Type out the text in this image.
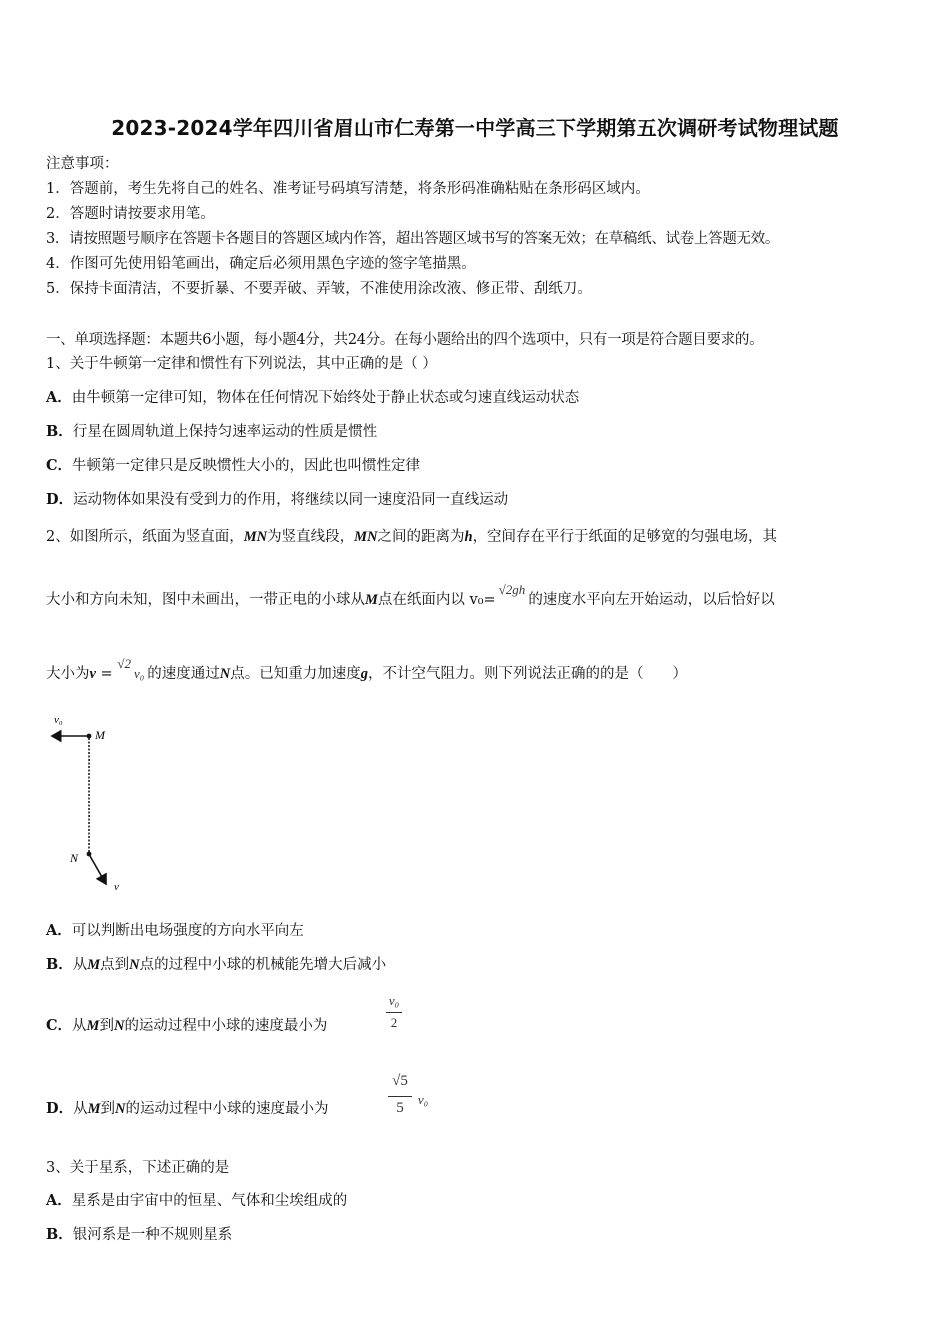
2023-2024学年四川省眉山市仁寿第一中学高三下学期第五次调研考试物理试题
注意事项：
1．答题前，考生先将自己的姓名、准考证号码填写清楚，将条形码准确粘贴在条形码区域内。
2．答题时请按要求用笔。
3．请按照题号顺序在答题卡各题目的答题区域内作答，超出答题区域书写的答案无效；在草稿纸、试卷上答题无效。
4．作图可先使用铅笔画出，确定后必须用黑色字迹的签字笔描黑。
5．保持卡面清洁，不要折暴、不要弄破、弄皱，不准使用涂改液、修正带、刮纸刀。
一、单项选择题：本题共6小题，每小题4分，共24分。在每小题给出的四个选项中，只有一项是符合题目要求的。
1、关于牛顿第一定律和惯性有下列说法，其中正确的是（ ）
A．由牛顿第一定律可知，物体在任何情况下始终处于静止状态或匀速直线运动状态
B．行星在圆周轨道上保持匀速率运动的性质是惯性
C．牛顿第一定律只是反映惯性大小的，因此也叫惯性定律
D．运动物体如果没有受到力的作用，将继续以同一速度沿同一直线运动
2、如图所示，纸面为竖直面，MN为竖直线段，MN之间的距离为h，空间存在平行于纸面的足够宽的匀强电场，其
大小和方向未知，图中未画出，一带正电的小球从M点在纸面内以 v₀=√2gh的速度水平向左开始运动，以后恰好以
大小为v = √2v₀ 的速度通过N点。已知重力加速度g，不计空气阻力。则下列说法正确的的是（　　）
v₀
M
N
v
A．可以判断出电场强度的方向水平向左
B．从M点到N点的过程中小球的机械能先增大后减小
C．从M到N的运动过程中小球的速度最小为
v₀
2
D．从M到N的运动过程中小球的速度最小为
√5
5
v₀
3、关于星系，下述正确的是
A．星系是由宇宙中的恒星、气体和尘埃组成的
B．银河系是一种不规则星系
